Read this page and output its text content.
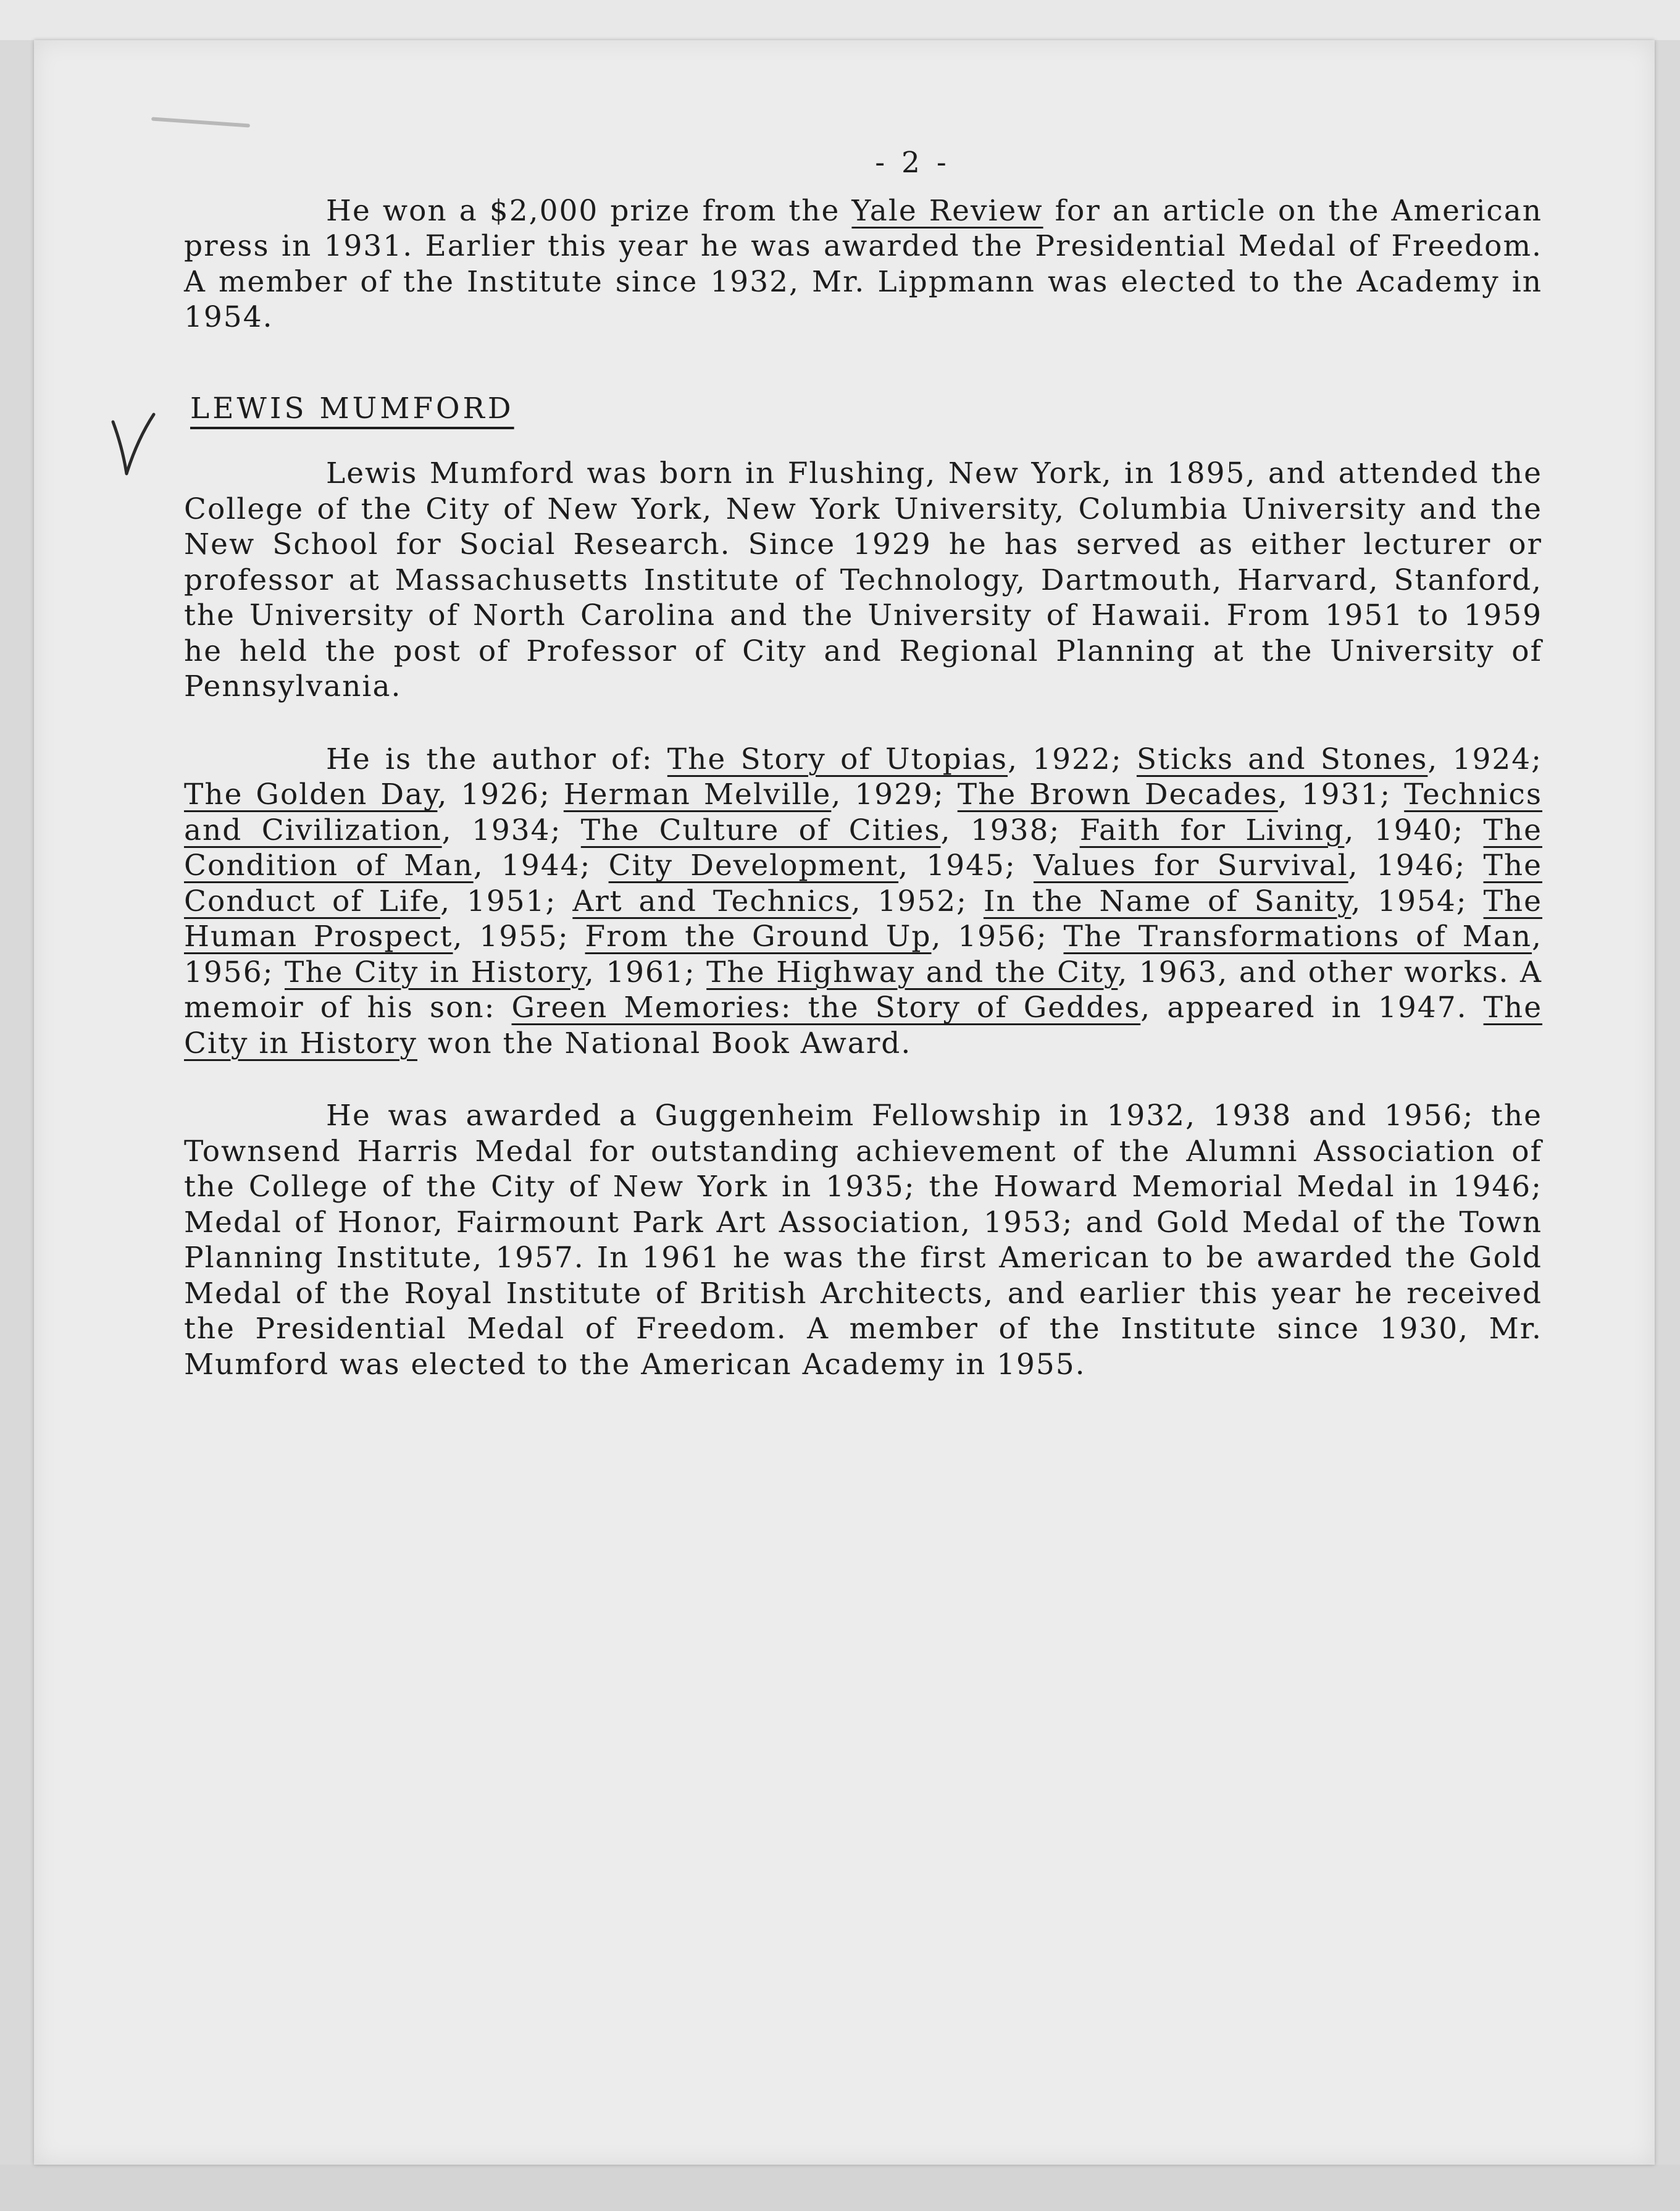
- 2 -

He won a $2,000 prize from the Yale Review for an article on the American press in 1931. Earlier this year he was awarded the Presidential Medal of Freedom. A member of the Institute since 1932, Mr. Lippmann was elected to the Academy in 1954.

LEWIS MUMFORD

Lewis Mumford was born in Flushing, New York, in 1895, and attended the College of the City of New York, New York University, Columbia University and the New School for Social Research. Since 1929 he has served as either lecturer or professor at Massachusetts Institute of Technology, Dartmouth, Harvard, Stanford, the University of North Carolina and the University of Hawaii. From 1951 to 1959 he held the post of Professor of City and Regional Planning at the University of Pennsylvania.

He is the author of: The Story of Utopias, 1922; Sticks and Stones, 1924; The Golden Day, 1926; Herman Melville, 1929; The Brown Decades, 1931; Technics and Civilization, 1934; The Culture of Cities, 1938; Faith for Living, 1940; The Condition of Man, 1944; City Development, 1945; Values for Survival, 1946; The Conduct of Life, 1951; Art and Technics, 1952; In the Name of Sanity, 1954; The Human Prospect, 1955; From the Ground Up, 1956; The Transformations of Man, 1956; The City in History, 1961; The Highway and the City, 1963, and other works. A memoir of his son: Green Memories: the Story of Geddes, appeared in 1947. The City in History won the National Book Award.

He was awarded a Guggenheim Fellowship in 1932, 1938 and 1956; the Townsend Harris Medal for outstanding achievement of the Alumni Association of the College of the City of New York in 1935; the Howard Memorial Medal in 1946; Medal of Honor, Fairmount Park Art Association, 1953; and Gold Medal of the Town Planning Institute, 1957. In 1961 he was the first American to be awarded the Gold Medal of the Royal Institute of British Architects, and earlier this year he received the Presidential Medal of Freedom. A member of the Institute since 1930, Mr. Mumford was elected to the American Academy in 1955.
